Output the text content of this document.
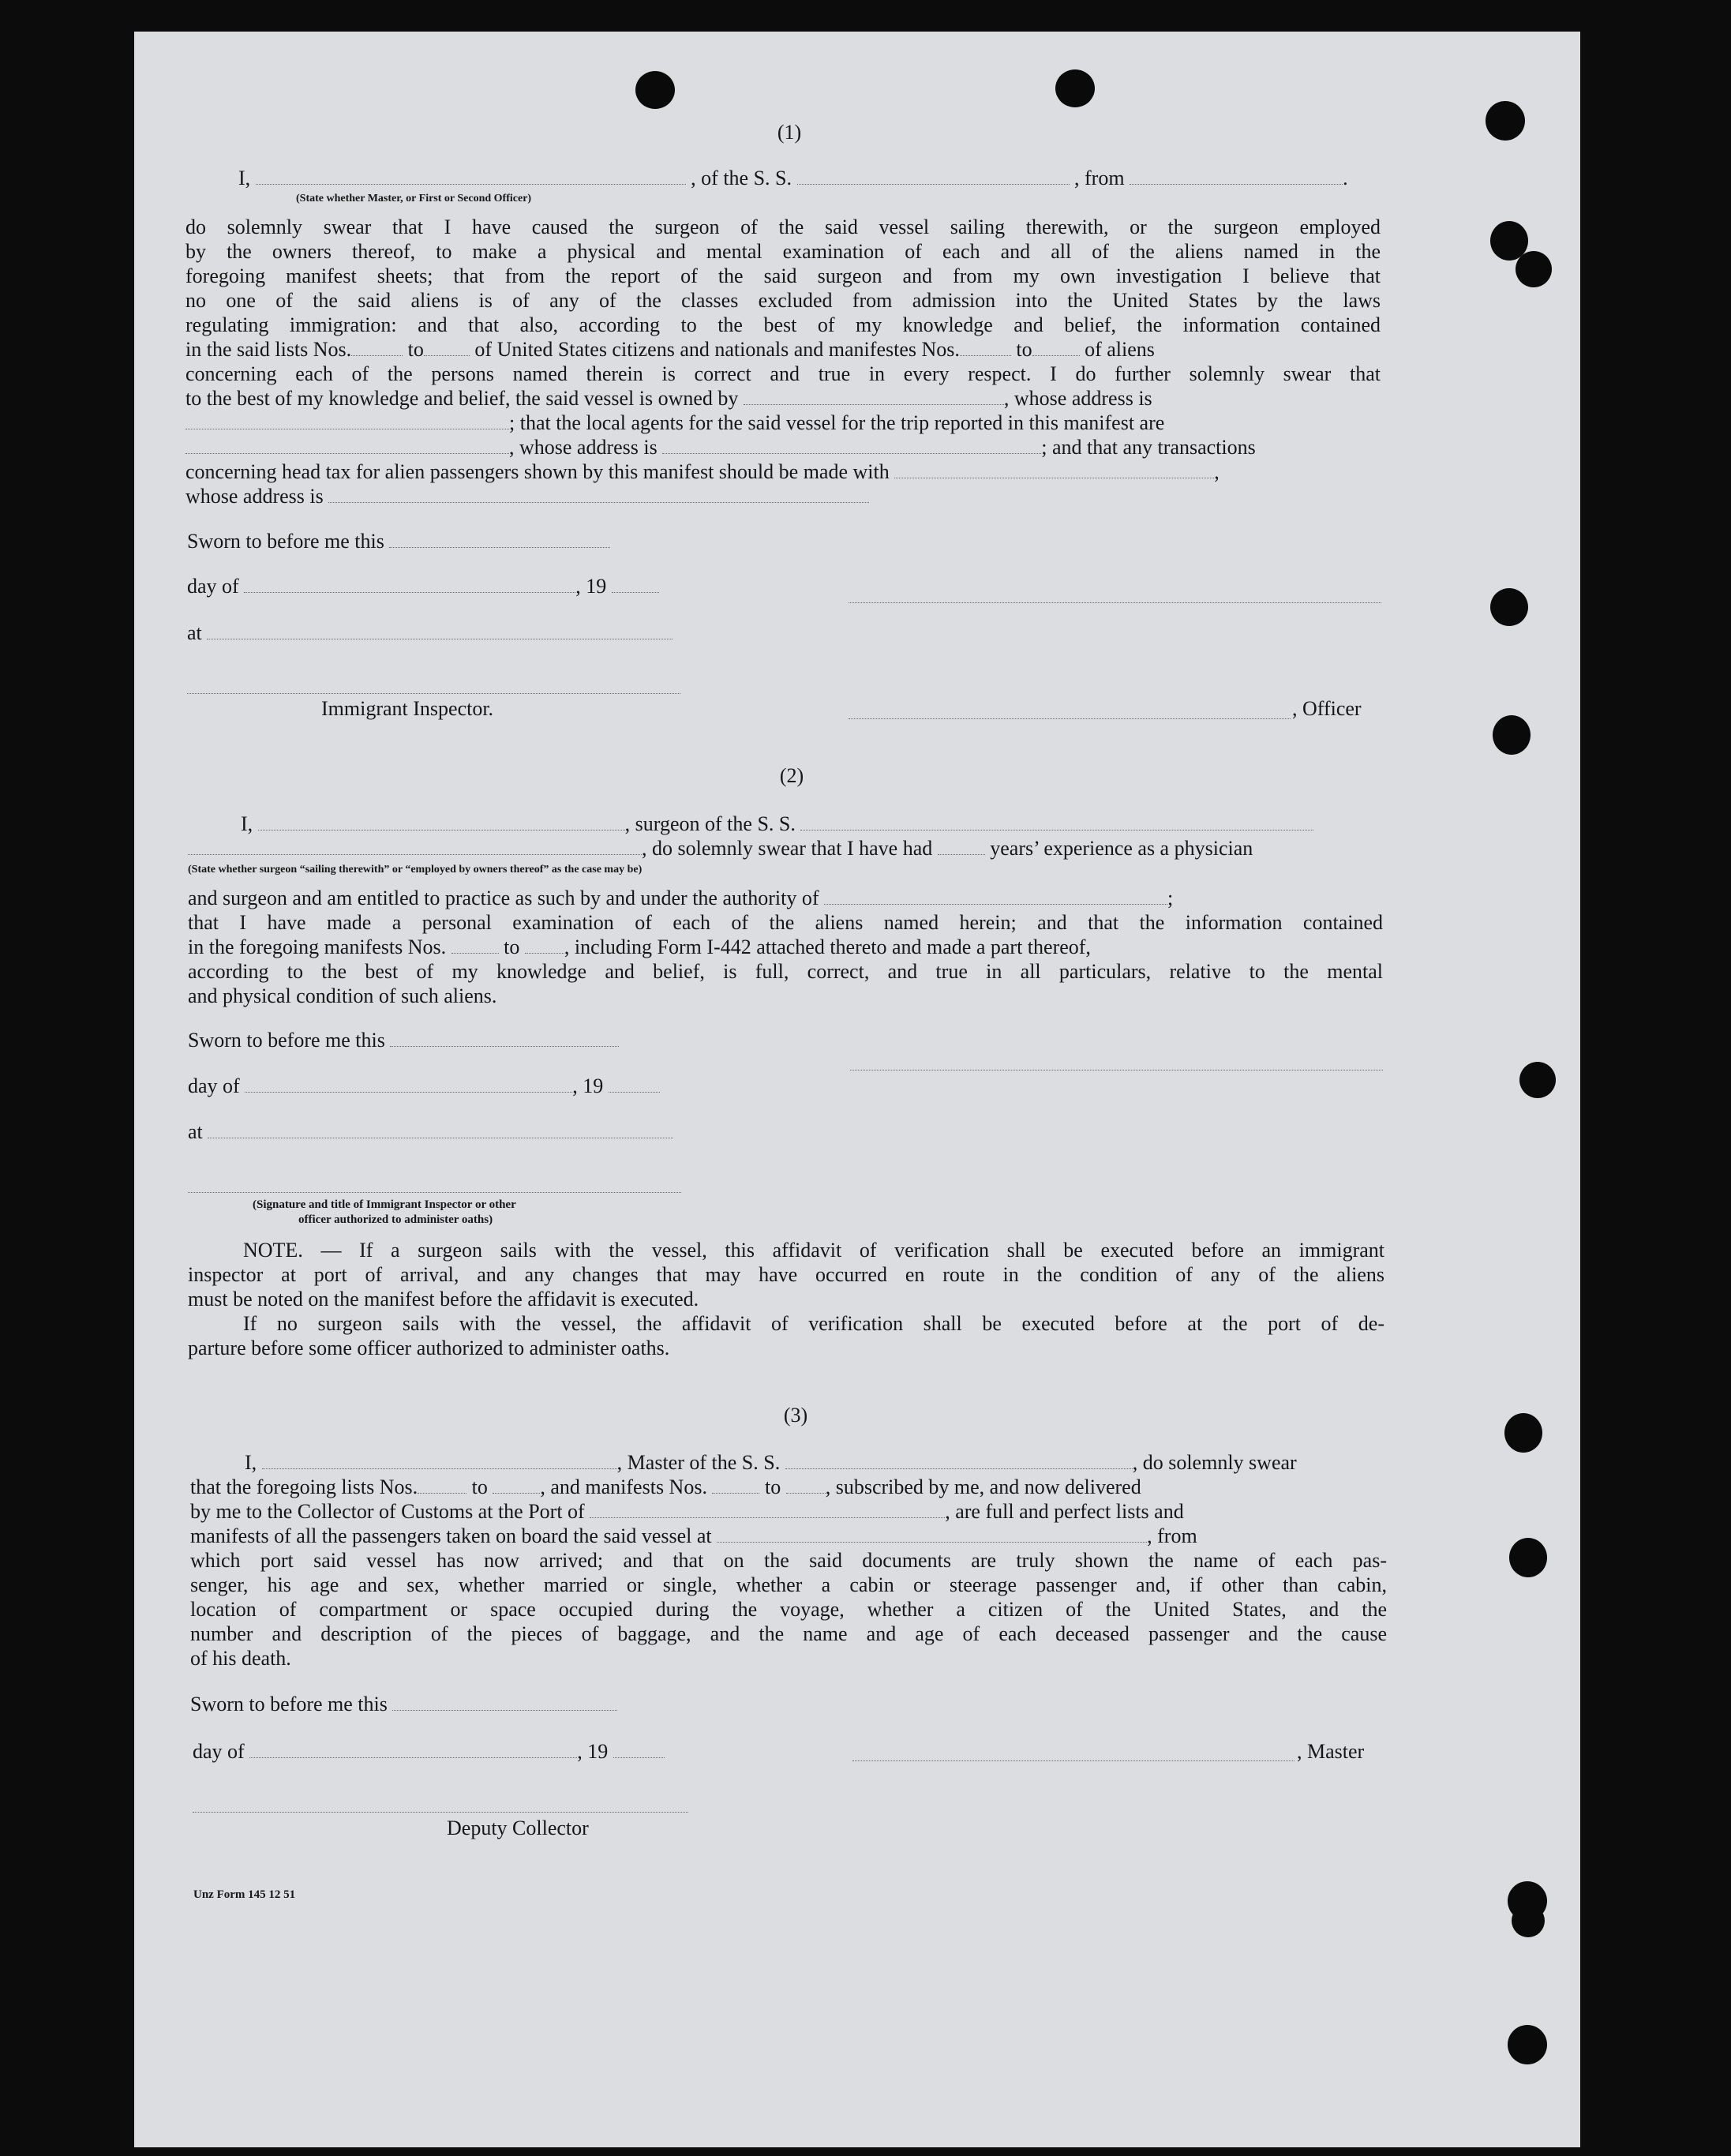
(1)
I,	, of the S. S.	, from	.
(State whether Master, or First or Second Officer)
do solemnly swear that I have caused the surgeon of the said vessel sailing therewith, or the surgeon employed
by the owners thereof, to make a physical and mental examination of each and all of the aliens named in the
foregoing manifest sheets; that from the report of the said surgeon and from my own investigation I believe that
no one of the said aliens is of any of the classes excluded from admission into the United States by the laws
regulating immigration: and that also, according to the best of my knowledge and belief, the information contained
in the said lists Nos.	to of United States citizens and nationals and manifestes Nos.	to	of aliens
concerning each of the persons named therein is correct and true in every respect. I do further solemnly swear that
to the best of my knowledge and belief, the said vessel is owned by	, whose address is
; that the local agents for the said vessel for the trip reported in this manifest are
, whose address is	; and that any transactions
concerning head tax for alien passengers shown by this manifest should be made with	,
whose address is
Sworn to before me this
day of	, 19
at
Immigrant Inspector.	, Officer
(2)
I,	, surgeon of the S. S.
, do solemnly swear that I have had	years’ experience as a physician
(State whether surgeon “sailing therewith” or “employed by owners thereof” as the case may be)
and surgeon and am entitled to practice as such by and under the authority of	;
that I have made a personal examination of each of the aliens named herein; and that the information contained
in the foregoing manifests Nos.	to , including Form I-442 attached thereto and made a part thereof,
according to the best of my knowledge and belief, is full, correct, and true in all particulars, relative to the mental
and physical condition of such aliens.
Sworn to before me this
day of	, 19
at
(Signature and title of Immigrant Inspector or other
officer authorized to administer oaths)
NOTE. — If a surgeon sails with the vessel, this affidavit of verification shall be executed before an immigrant
inspector at port of arrival, and any changes that may have occurred en route in the condition of any of the aliens
must be noted on the manifest before the affidavit is executed.
If no surgeon sails with the vessel, the affidavit of verification shall be executed before at the port of de-
parture before some officer authorized to administer oaths.
(3)
I,	, Master of the S. S.	, do solemnly swear
that the foregoing lists Nos.	to	, and manifests Nos.	to , subscribed by me, and now delivered
by me to the Collector of Customs at the Port of	, are full and perfect lists and
manifests of all the passengers taken on board the said vessel at	, from
which port said vessel has now arrived; and that on the said documents are truly shown the name of each pas-
senger, his age and sex, whether married or single, whether a cabin or steerage passenger and, if other than cabin,
location of compartment or space occupied during the voyage, whether a citizen of the United States, and the
number and description of the pieces of baggage, and the name and age of each deceased passenger and the cause
of his death.
Sworn to before me this
day of	, 19	, Master
Deputy Collector
Unz Form 145 12 51
